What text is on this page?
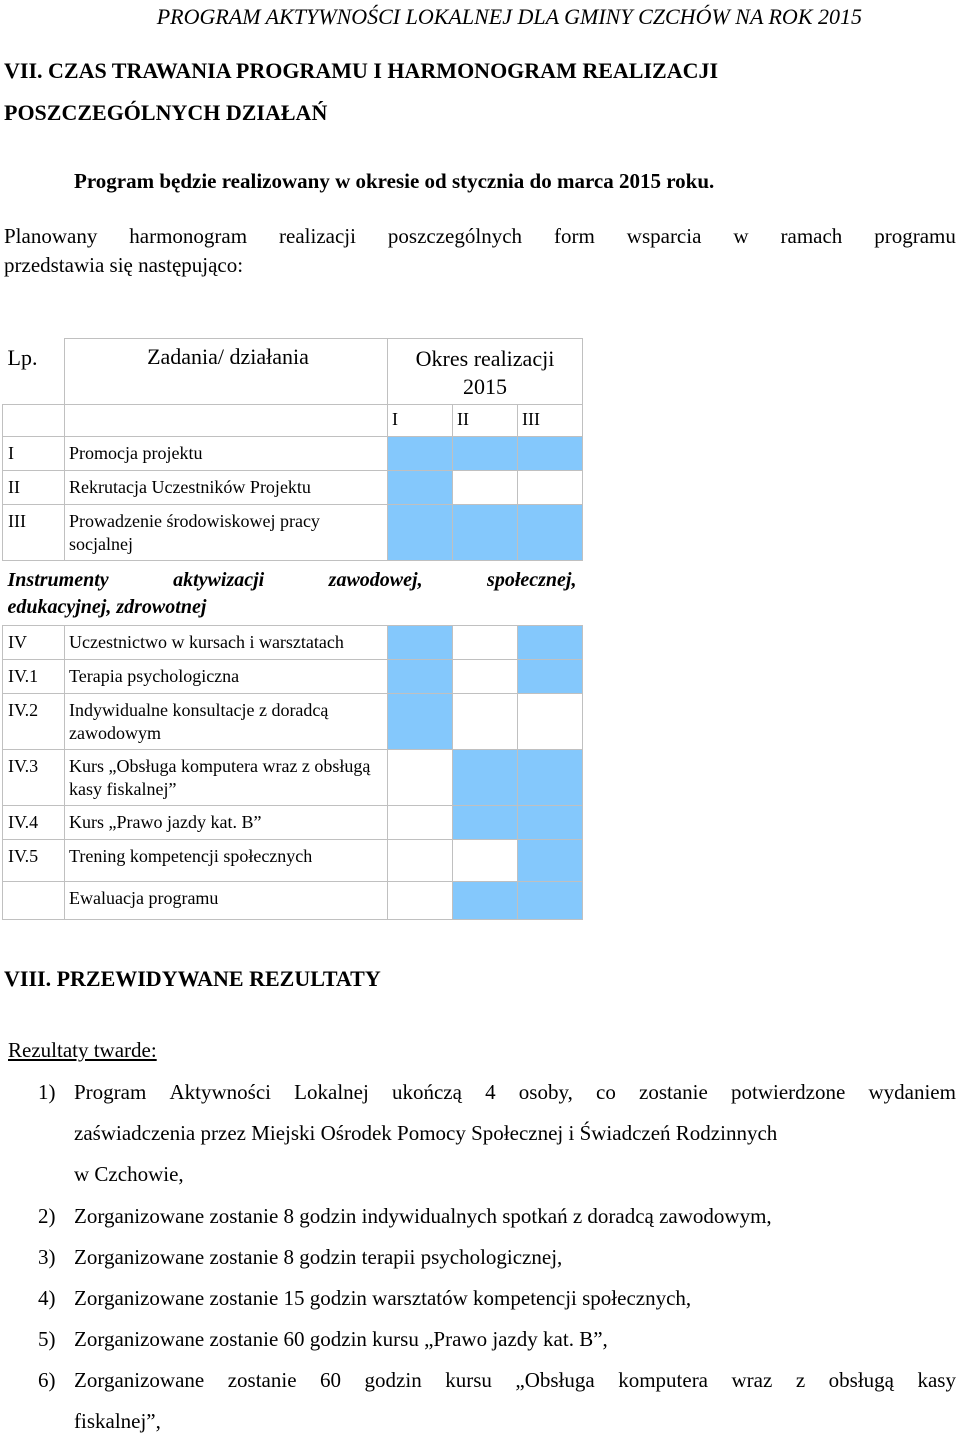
PROGRAM AKTYWNOŚCI LOKALNEJ DLA GMINY CZCHÓW NA ROK 2015
VII. CZAS TRAWANIA PROGRAMU I HARMONOGRAM REALIZACJI
POSZCZEGÓLNYCH DZIAŁAŃ
Program będzie realizowany w okresie od stycznia do marca 2015 roku.
Planowany harmonogram realizacji poszczególnych form wsparcia w ramach programu
przedstawia się następująco:
Lp.	Zadania/ działania	Okres realizacji
2015		

		I	II	III
I	Promocja projektu			
II	Rekrutacja Uczestników Projektu			
III	Prowadzenie środowiskowej pracy socjalnej			

Instrumenty aktywizacji zawodowej, społecznej,
edukacyjnej, zdrowotnej				

IV	Uczestnictwo w kursach i warsztatach			
IV.1	Terapia psychologiczna			
IV.2	Indywidualne konsultacje z doradcą zawodowym			
IV.3	Kurs „Obsługa komputera wraz z obsługą kasy fiskalnej”			
IV.4	Kurs „Prawo jazdy kat. B”			
IV.5	Trening kompetencji społecznych			
	Ewaluacja programu			
VIII. PRZEWIDYWANE REZULTATY
Rezultaty twarde:
1) Program Aktywności Lokalnej ukończą 4 osoby, co zostanie potwierdzone wydaniem
zaświadczenia przez Miejski Ośrodek Pomocy Społecznej i Świadczeń Rodzinnych
w Czchowie,
2) Zorganizowane zostanie 8 godzin indywidualnych spotkań z doradcą zawodowym,
3) Zorganizowane zostanie 8 godzin terapii psychologicznej,
4) Zorganizowane zostanie 15 godzin warsztatów kompetencji społecznych,
5) Zorganizowane zostanie 60 godzin kursu „Prawo jazdy kat. B”,
6) Zorganizowane zostanie 60 godzin kursu „Obsługa komputera wraz z obsługą kasy
fiskalnej”,
